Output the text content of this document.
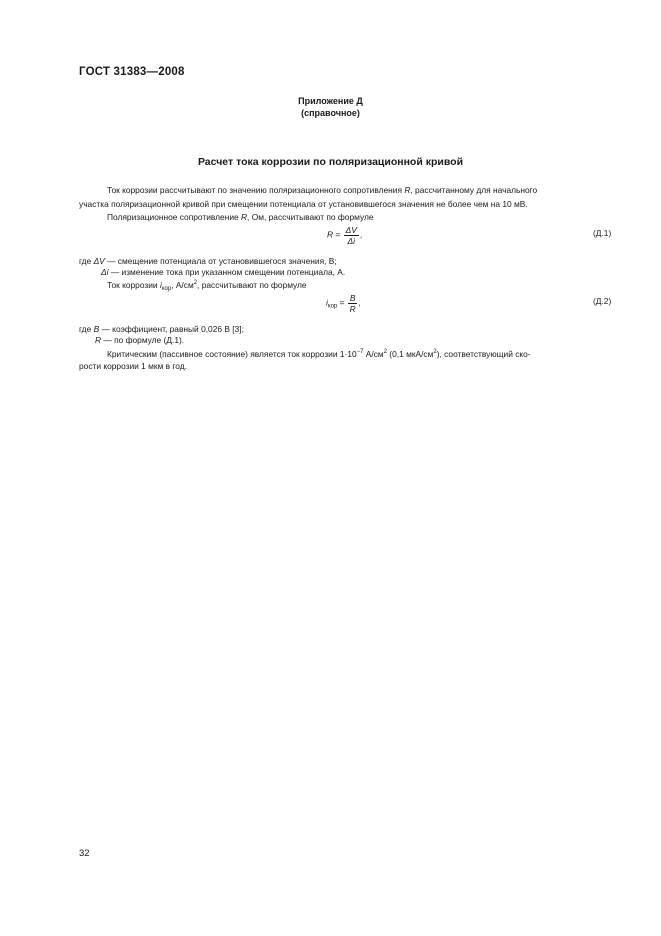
ГОСТ 31383—2008
Приложение Д
(справочное)
Расчет тока коррозии по поляризационной кривой
Ток коррозии рассчитывают по значению поляризационного сопротивления R, рассчитанному для начального
участка поляризационной кривой при смещении потенциала от установившегося значения не более чем на 10 мВ.
Поляризационное сопротивление R, Ом, рассчитывают по формуле
$R = \frac{\Delta V}{\Delta i}$ ,	(Д.1)
где ΔV — смещение потенциала от установившегося значения, В;
Δi — изменение тока при указанном смещении потенциала, А.
Ток коррозии $i_{кор}$, $А/см^2$, рассчитывают по формуле
$i_{кор} = \frac{B}{R}$ ,	(Д.2)
где B — коэффициент, равный 0,026 В [3];
R — по формуле (Д.1).
Критическим (пассивное состояние) является ток коррозии $1\cdot 10^{-7}$ $А/см^2$ (0,1 мкА/$см^2$), соответствующий ско-
рости коррозии 1 мкм в год.
32
